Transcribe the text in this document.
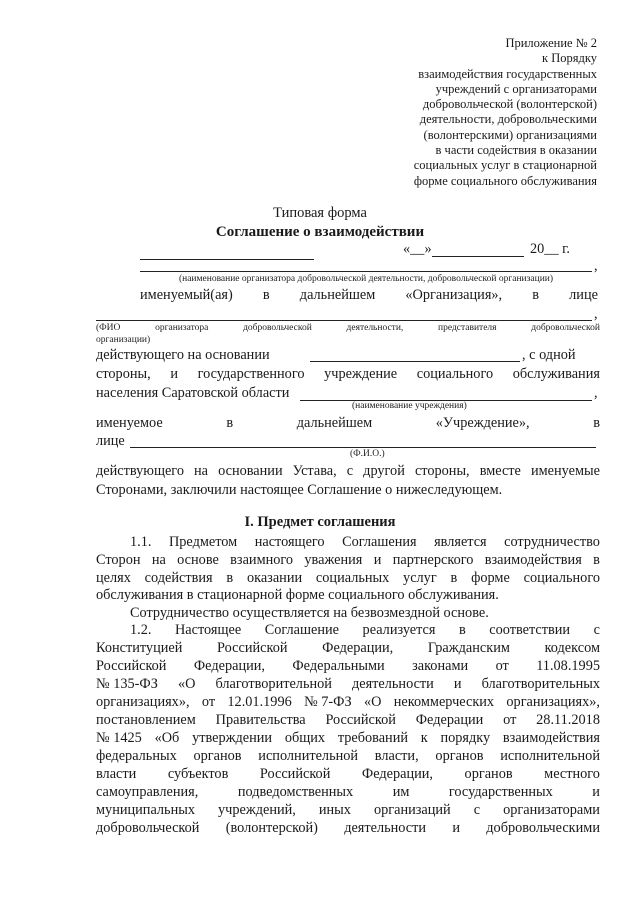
Приложение № 2
к Порядку
взаимодействия государственных
учреждений с организаторами
добровольческой (волонтерской)
деятельности, добровольческими
(волонтерскими) организациями
в части содействия в оказании
социальных услуг в стационарной
форме социального обслуживания
Типовая форма
Соглашение о взаимодействии
«__»	20__ г.
,
(наименование организатора добровольческой деятельности, добровольческой организации)
именуемый(ая) в дальнейшем «Организация», в лице
,
(ФИО	организатора	добровольческой	деятельности,	представителя	добровольческой
организации)
действующего на основании	, с одной
стороны, и государственного учреждение социального обслуживания
населения Саратовской области	,
(наименование учреждения)
именуемое	в	дальнейшем	«Учреждение»,	в
лице
(Ф.И.О.)
действующего на основании Устава, с другой стороны, вместе именуемые
Сторонами, заключили настоящее Соглашение о нижеследующем.
I. Предмет соглашения
1.1. Предметом настоящего Соглашения является сотрудничество
Сторон на основе взаимного уважения и партнерского взаимодействия в
целях содействия в оказании социальных услуг в форме социального
обслуживания в стационарной форме социального обслуживания.
Сотрудничество осуществляется на безвозмездной основе.
1.2. Настоящее Соглашение реализуется в соответствии с
Конституцией Российской Федерации, Гражданским кодексом
Российской Федерации, Федеральными законами от 11.08.1995
№ 135-ФЗ «О благотворительной деятельности и благотворительных
организациях», от 12.01.1996 № 7-ФЗ «О некоммерческих организациях»,
постановлением Правительства Российской Федерации от 28.11.2018
№ 1425 «Об утверждении общих требований к порядку взаимодействия
федеральных органов исполнительной власти, органов исполнительной
власти субъектов Российской Федерации, органов местного
самоуправления,	подведомственных	им	государственных	и
муниципальных учреждений, иных организаций с организаторами
добровольческой (волонтерской) деятельности и добровольческими
